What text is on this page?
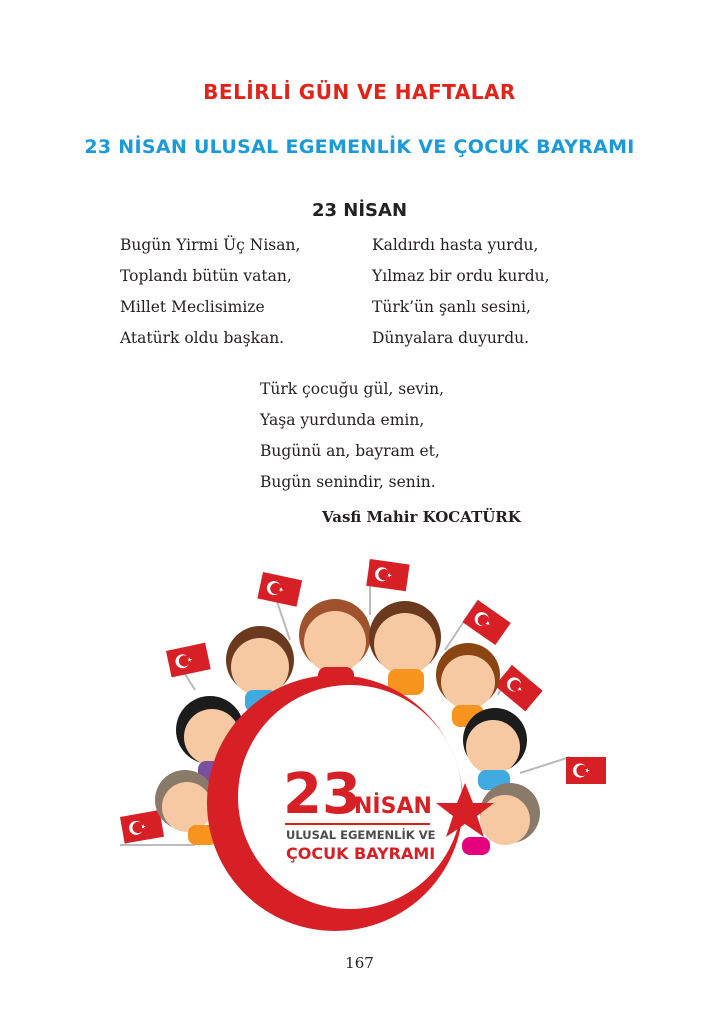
BELİRLİ GÜN VE HAFTALAR
23 NİSAN ULUSAL EGEMENLİK VE ÇOCUK BAYRAMI
23 NİSAN
Bugün Yirmi Üç Nisan,
Toplandı bütün vatan,
Millet Meclisimize
Atatürk oldu başkan.
Kaldırdı hasta yurdu,
Yılmaz bir ordu kurdu,
Türk’ün şanlı sesini,
Dünyalara duyurdu.
Türk çocuğu gül, sevin,
Yaşa yurdunda emin,
Bugünü an, bayram et,
Bugün senindir, senin.
Vasfi Mahir KOCATÜRK
23
NİSAN
ULUSAL EGEMENLİK VE
ÇOCUK BAYRAMI
167
